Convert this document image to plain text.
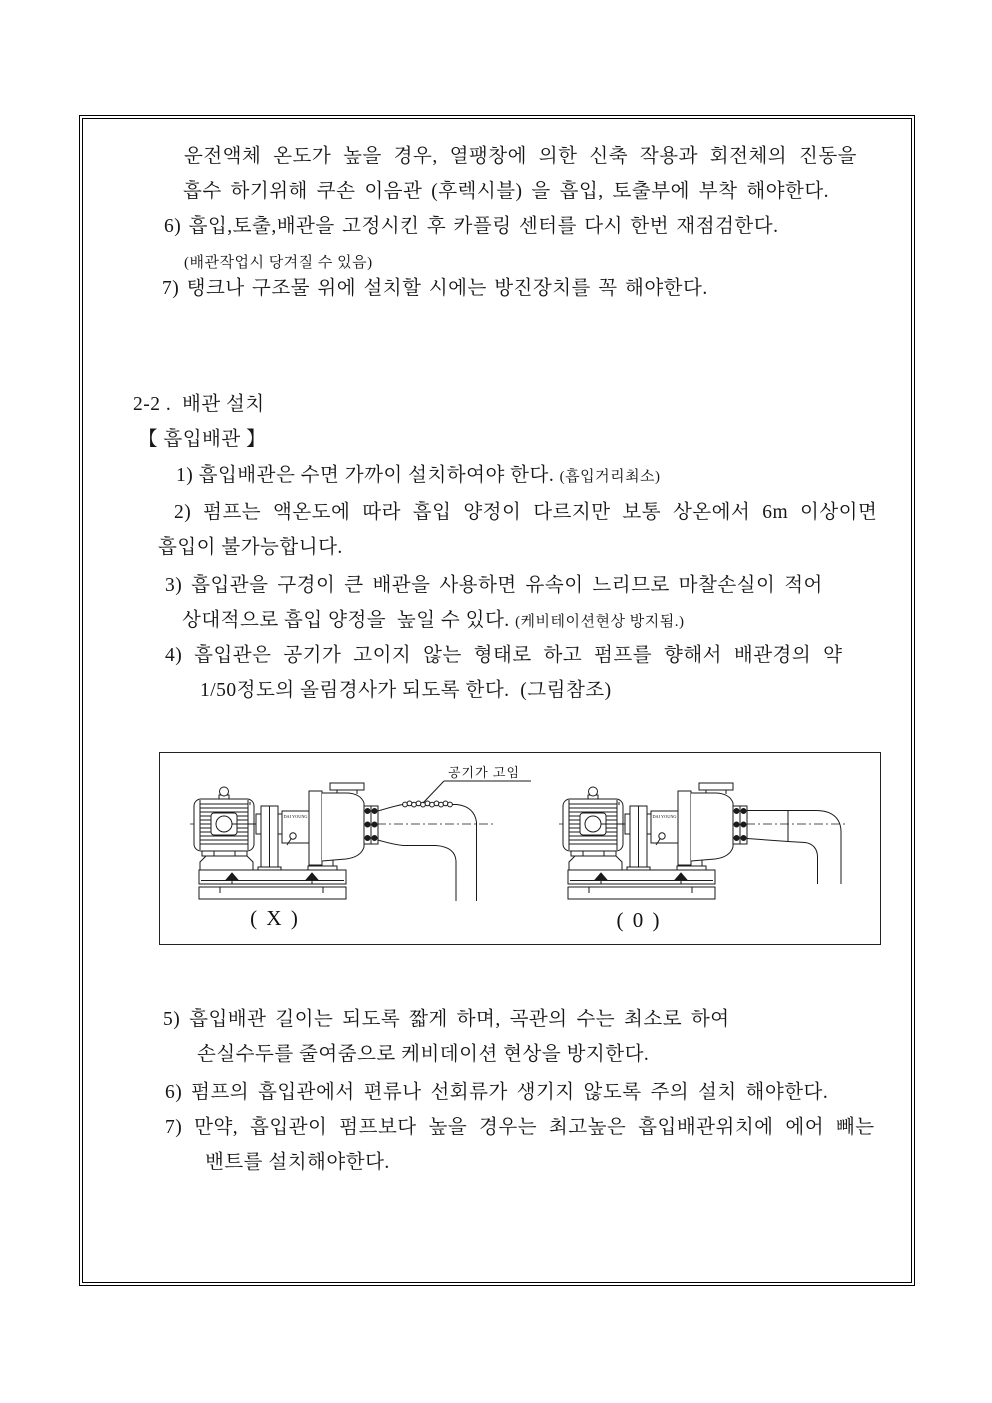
운전액체 온도가 높을 경우, 열팽창에 의한 신축 작용과 회전체의 진동을
흡수 하기위해 쿠손 이음관 (후렉시블) 을 흡입, 토출부에 부착 해야한다.
6) 흡입,토출,배관을 고정시킨 후 카플링 센터를 다시 한번 재점검한다.
(배관작업시 당겨질 수 있음)
7) 탱크나 구조물 위에 설치할 시에는 방진장치를 꼭 해야한다.
2-2 .  배관 설치
【 흡입배관 】
1) 흡입배관은 수면 가까이 설치하여야 한다. (흡입거리최소)
2) 펌프는 액온도에 따라 흡입 양정이 다르지만 보통 상온에서 6m 이상이면
흡입이 불가능합니다.
3) 흡입관을 구경이 큰 배관을 사용하면 유속이 느리므로 마찰손실이 적어
상대적으로 흡입 양정을  높일 수 있다. (케비테이션현상 방지됨.)
4) 흡입관은 공기가 고이지 않는 형태로 하고 펌프를 향해서 배관경의 약
1/50정도의 올림경사가 되도록 한다.  (그림참조)
공기가 고임
( X )	( 0 )
5) 흡입배관 길이는 되도록 짧게 하며, 곡관의 수는 최소로 하여
손실수두를 줄여줌으로 케비데이션 현상을 방지한다.
6) 펌프의 흡입관에서 편류나 선회류가 생기지 않도록 주의 설치 해야한다.
7) 만약, 흡입관이 펌프보다 높을 경우는 최고높은 흡입배관위치에 에어 빼는
밴트를 설치해야한다.
